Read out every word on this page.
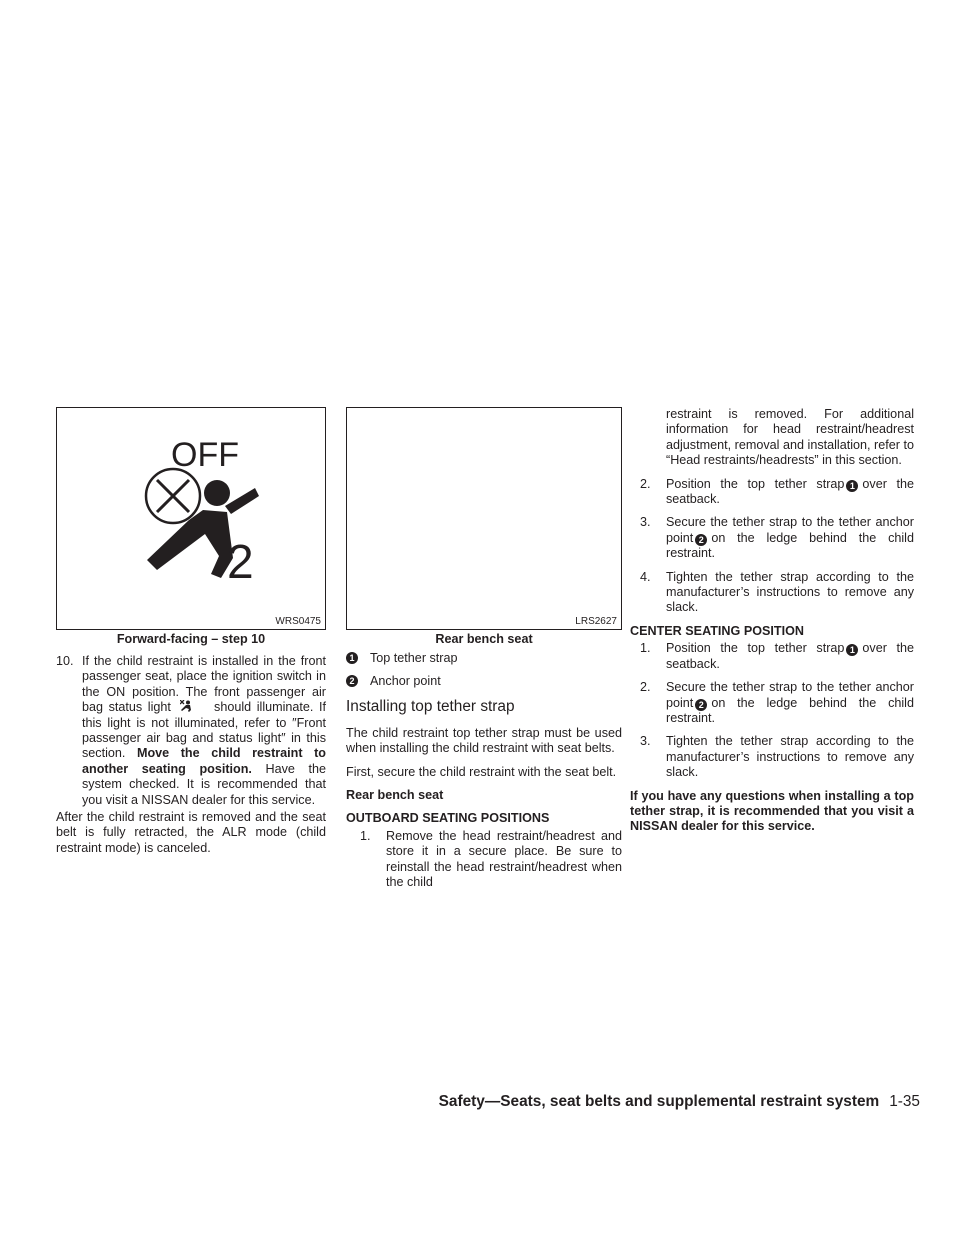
OFF
2
WRS0475
Forward-facing – step 10
LRS2627
Rear bench seat
10. If the child restraint is installed in the front passenger seat, place the ignition switch in the ON position. The front passenger air bag status light	should illuminate. If this light is not illuminated, refer to ″Front passenger air bag and status light″ in this section. Move the child restraint to another seating position. Have the system checked. It is recommended that you visit a NISSAN dealer for this service.

After the child restraint is removed and the seat belt is fully retracted, the ALR mode (child restraint mode) is canceled.

1 Top tether strap
2 Anchor point
Installing top tether strap

The child restraint top tether strap must be used when installing the child restraint with seat belts.

First, secure the child restraint with the seat belt.

Rear bench seat

OUTBOARD SEATING POSITIONS

1. Remove the head restraint/headrest and store it in a secure place. Be sure to reinstall the head restraint/headrest when the child

restraint is removed. For additional information for head restraint/headrest adjustment, removal and installation, refer to “Head restraints/headrests” in this section.

2. Position the top tether strap 1 over the seatback.
3. Secure the tether strap to the tether anchor point 2 on the ledge behind the child restraint.
4. Tighten the tether strap according to the manufacturer’s instructions to remove any slack.

CENTER SEATING POSITION

1. Position the top tether strap 1 over the seatback.
2. Secure the tether strap to the tether anchor point 2 on the ledge behind the child restraint.
3. Tighten the tether strap according to the manufacturer’s instructions to remove any slack.

If you have any questions when installing a top tether strap, it is recommended that you visit a NISSAN dealer for this service.

Safety—Seats, seat belts and supplemental restraint system 1-35
